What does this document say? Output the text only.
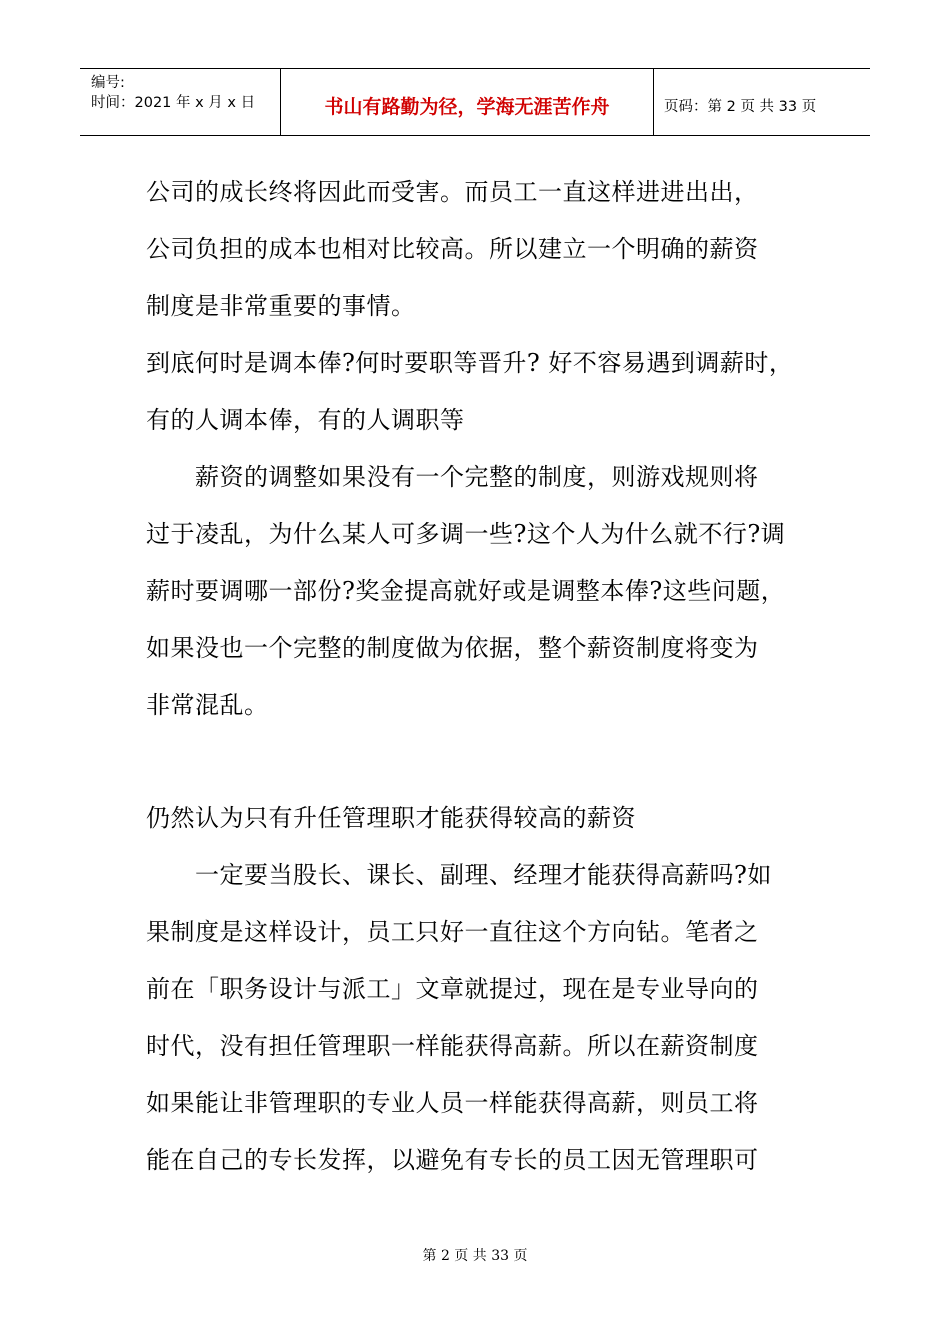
编号:
时间：2021 年 x 月 x 日	书山有路勤为径，学海无涯苦作舟	页码：第 2 页 共 33 页
公司的成长终将因此而受害。而员工一直这样进进出出，
公司负担的成本也相对比较高。所以建立一个明确的薪资
制度是非常重要的事情。
到底何时是调本俸?何时要职等晋升? 好不容易遇到调薪时，
有的人调本俸，有的人调职等
薪资的调整如果没有一个完整的制度，则游戏规则将
过于凌乱，为什么某人可多调一些?这个人为什么就不行?调
薪时要调哪一部份?奖金提高就好或是调整本俸?这些问题，
如果没也一个完整的制度做为依据，整个薪资制度将变为
非常混乱。
仍然认为只有升任管理职才能获得较高的薪资
一定要当股长、课长、副理、经理才能获得高薪吗?如
果制度是这样设计，员工只好一直往这个方向钻。笔者之
前在「职务设计与派工」文章就提过，现在是专业导向的
时代，没有担任管理职一样能获得高薪。所以在薪资制度
如果能让非管理职的专业人员一样能获得高薪，则员工将
能在自己的专长发挥，以避免有专长的员工因无管理职可
第 2 页 共 33 页
